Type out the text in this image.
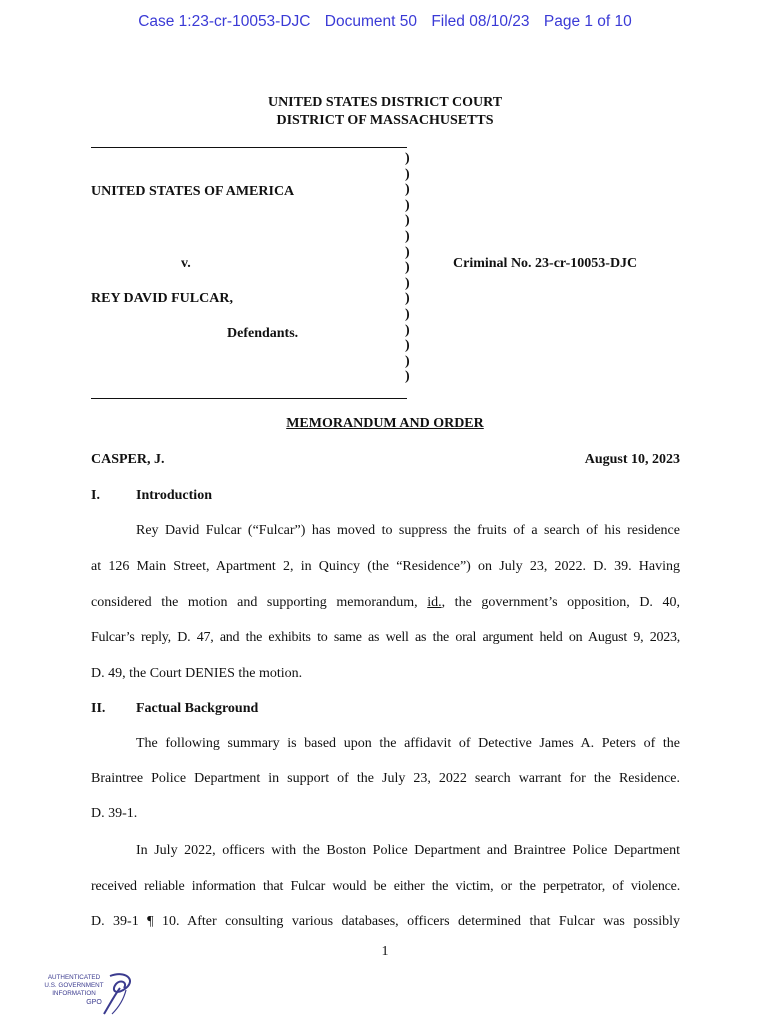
Case 1:23-cr-10053-DJC Document 50 Filed 08/10/23 Page 1 of 10
UNITED STATES DISTRICT COURT
DISTRICT OF MASSACHUSETTS
)
)
)
)
)
)
)
)
)
)
)
)
)
)
)
UNITED STATES OF AMERICA
v.
REY DAVID FULCAR,
Defendants.
Criminal No. 23-cr-10053-DJC
MEMORANDUM AND ORDER
CASPER, J.	August 10, 2023
I.	Introduction
Rey David Fulcar (“Fulcar”) has moved to suppress the fruits of a search of his residence
at 126 Main Street, Apartment 2, in Quincy (the “Residence”) on July 23, 2022. D. 39. Having
considered the motion and supporting memorandum, id., the government’s opposition, D. 40,
Fulcar’s reply, D. 47, and the exhibits to same as well as the oral argument held on August 9, 2023,
D. 49, the Court DENIES the motion.
II. Factual Background
The following summary is based upon the affidavit of Detective James A. Peters of the
Braintree Police Department in support of the July 23, 2022 search warrant for the Residence.
D. 39-1.
In July 2022, officers with the Boston Police Department and Braintree Police Department
received reliable information that Fulcar would be either the victim, or the perpetrator, of violence.
D. 39-1 ¶ 10. After consulting various databases, officers determined that Fulcar was possibly
1
AUTHENTICATED
U.S. GOVERNMENT
INFORMATION
GPO
